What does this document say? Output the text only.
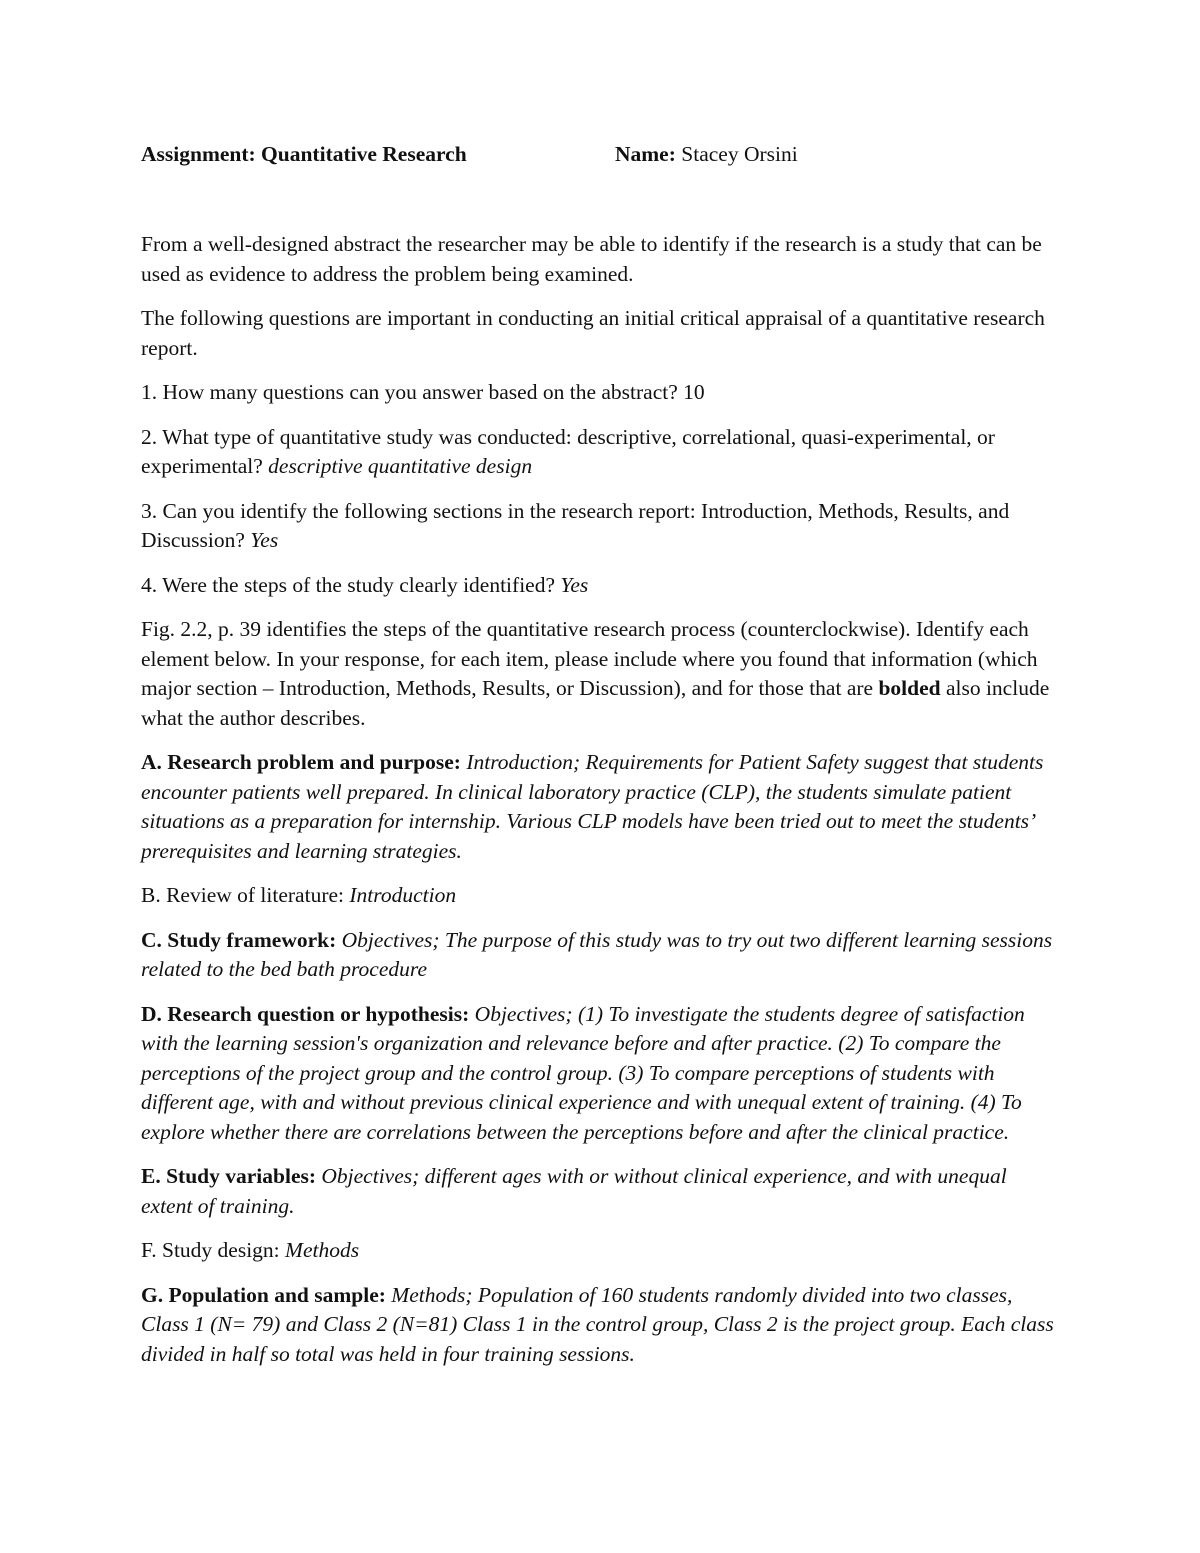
Assignment: Quantitative Research	Name: Stacey Orsini

From a well-designed abstract the researcher may be able to identify if the research is a study that can be used as evidence to address the problem being examined.

The following questions are important in conducting an initial critical appraisal of a quantitative research report.

1. How many questions can you answer based on the abstract? 10

2. What type of quantitative study was conducted: descriptive, correlational, quasi-experimental, or experimental? descriptive quantitative design

3. Can you identify the following sections in the research report: Introduction, Methods, Results, and Discussion? Yes

4. Were the steps of the study clearly identified? Yes

Fig. 2.2, p. 39 identifies the steps of the quantitative research process (counterclockwise). Identify each element below. In your response, for each item, please include where you found that information (which major section – Introduction, Methods, Results, or Discussion), and for those that are bolded also include what the author describes.

A. Research problem and purpose: Introduction; Requirements for Patient Safety suggest that students encounter patients well prepared. In clinical laboratory practice (CLP), the students simulate patient situations as a preparation for internship. Various CLP models have been tried out to meet the students’ prerequisites and learning strategies.

B. Review of literature: Introduction

C. Study framework: Objectives; The purpose of this study was to try out two different learning sessions related to the bed bath procedure

D. Research question or hypothesis: Objectives; (1) To investigate the students degree of satisfaction with the learning session's organization and relevance before and after practice. (2) To compare the perceptions of the project group and the control group. (3) To compare perceptions of students with different age, with and without previous clinical experience and with unequal extent of training. (4) To explore whether there are correlations between the perceptions before and after the clinical practice.

E. Study variables: Objectives; different ages with or without clinical experience, and with unequal extent of training.

F. Study design: Methods

G. Population and sample: Methods; Population of 160 students randomly divided into two classes, Class 1 (N= 79) and Class 2 (N=81) Class 1 in the control group, Class 2 is the project group. Each class divided in half so total was held in four training sessions.
